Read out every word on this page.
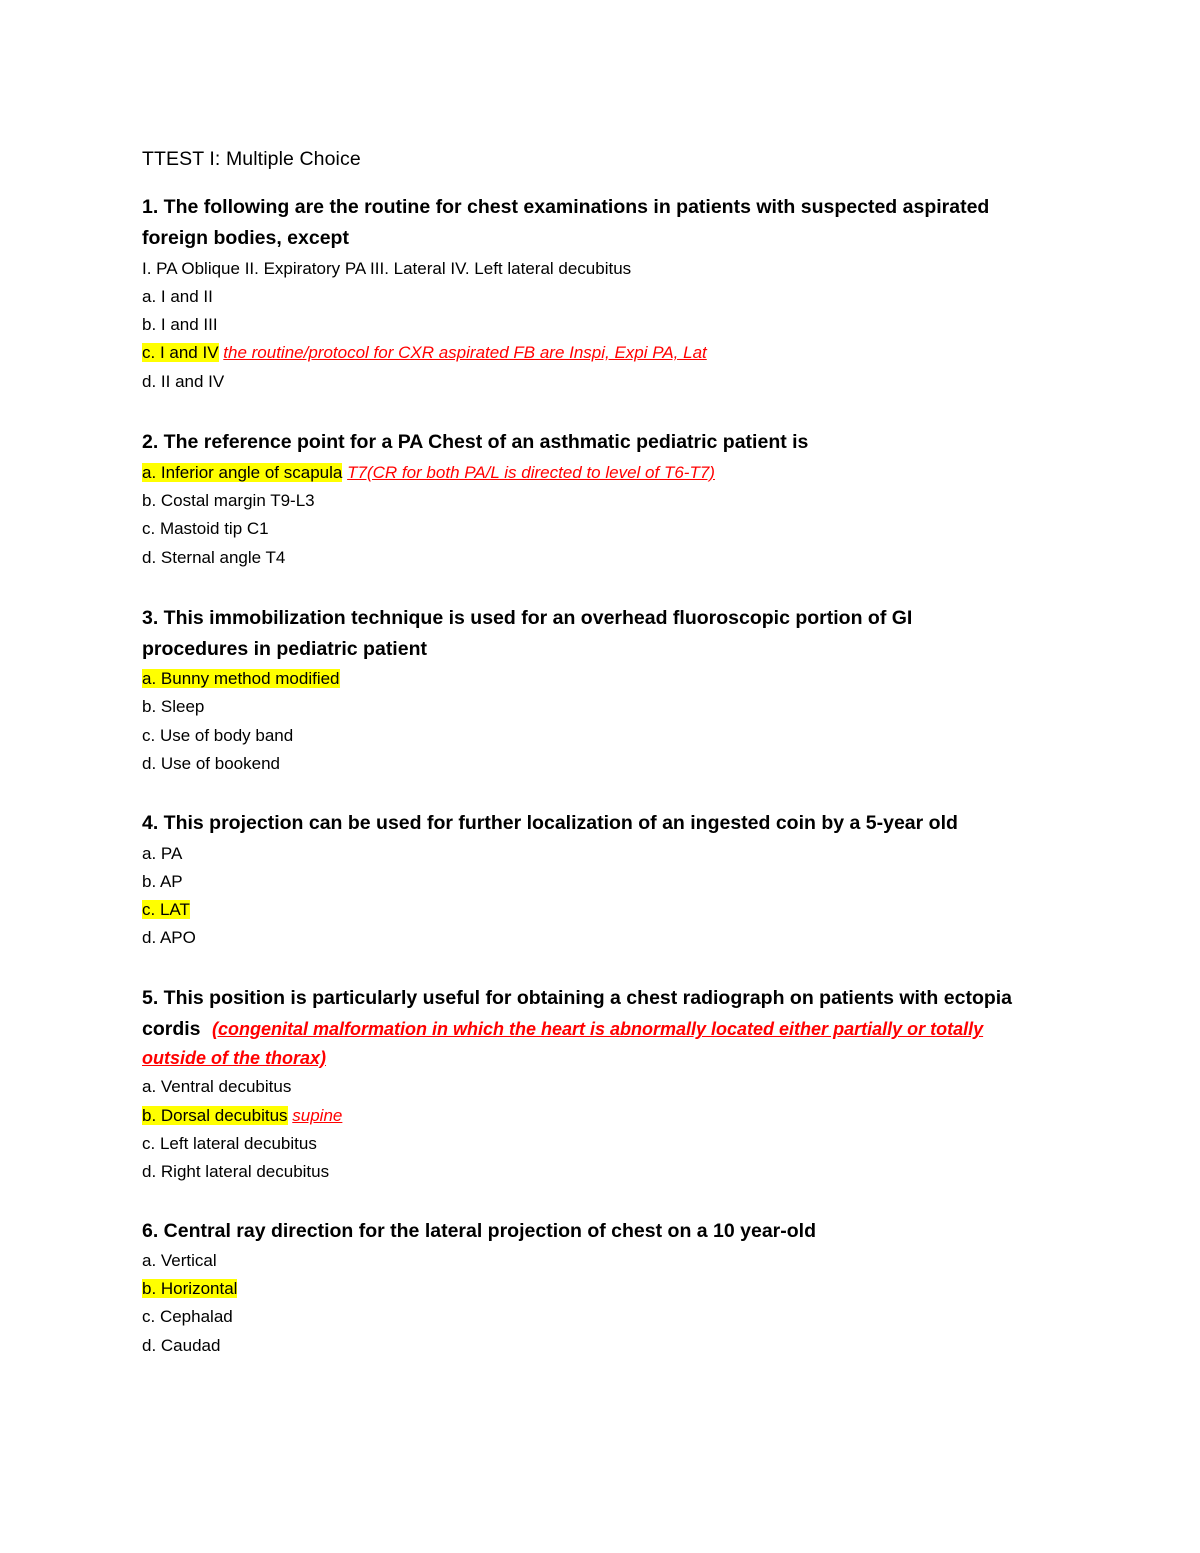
TTEST I: Multiple Choice
1. The following are the routine for chest examinations in patients with suspected aspirated
foreign bodies, except
I. PA Oblique II. Expiratory PA III. Lateral IV. Left lateral decubitus
a. I and II
b. I and III
c. I and IV the routine/protocol for CXR aspirated FB are Inspi, Expi PA, Lat
d. II and IV
2. The reference point for a PA Chest of an asthmatic pediatric patient is
a. Inferior angle of scapula T7(CR for both PA/L is directed to level of T6-T7)
b. Costal margin T9-L3
c. Mastoid tip C1
d. Sternal angle T4
3. This immobilization technique is used for an overhead fluoroscopic portion of GI
procedures in pediatric patient
a. Bunny method modified
b. Sleep
c. Use of body band
d. Use of bookend
4. This projection can be used for further localization of an ingested coin by a 5-year old
a. PA
b. AP
c. LAT
d. APO
5. This position is particularly useful for obtaining a chest radiograph on patients with ectopia
cordis (congenital malformation in which the heart is abnormally located either partially or totally
outside of the thorax)
a. Ventral decubitus
b. Dorsal decubitus supine
c. Left lateral decubitus
d. Right lateral decubitus
6. Central ray direction for the lateral projection of chest on a 10 year-old
a. Vertical
b. Horizontal
c. Cephalad
d. Caudad
